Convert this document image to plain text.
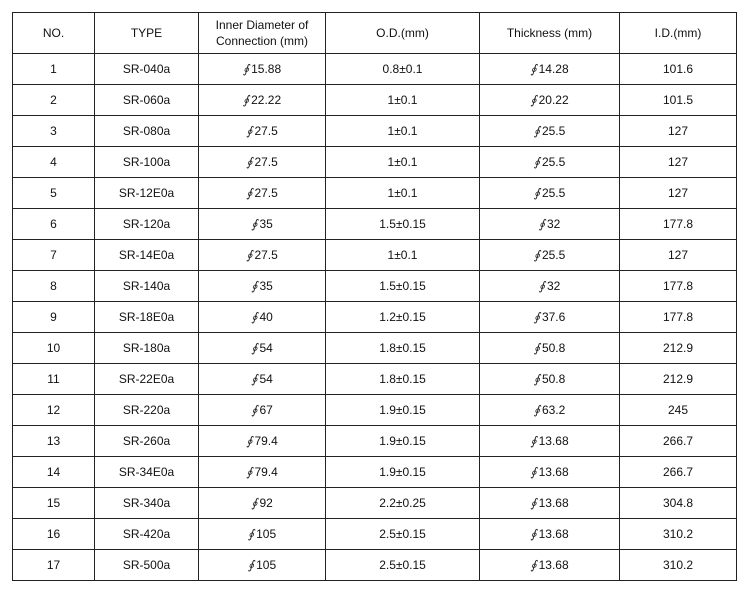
NO.	TYPE	Inner Diameter of Connection (mm)	O.D.(mm)	Thickness (mm)	I.D.(mm)
1	SR-040a	∮ 15.88	0.8±0.1	∮ 14.28	101.6
2	SR-060a	∮ 22.22	1±0.1	∮ 20.22	101.5
3	SR-080a	∮ 27.5	1±0.1	∮ 25.5	127
4	SR-100a	∮ 27.5	1±0.1	∮ 25.5	127
5	SR-12E0a	∮ 27.5	1±0.1	∮ 25.5	127
6	SR-120a	∮ 35	1.5±0.15	∮ 32	177.8
7	SR-14E0a	∮ 27.5	1±0.1	∮ 25.5	127
8	SR-140a	∮ 35	1.5±0.15	∮ 32	177.8
9	SR-18E0a	∮ 40	1.2±0.15	∮ 37.6	177.8
10	SR-180a	∮ 54	1.8±0.15	∮ 50.8	212.9
11	SR-22E0a	∮ 54	1.8±0.15	∮ 50.8	212.9
12	SR-220a	∮ 67	1.9±0.15	∮ 63.2	245
13	SR-260a	∮ 79.4	1.9±0.15	∮ 13.68	266.7
14	SR-34E0a	∮ 79.4	1.9±0.15	∮ 13.68	266.7
15	SR-340a	∮ 92	2.2±0.25	∮ 13.68	304.8
16	SR-420a	∮ 105	2.5±0.15	∮ 13.68	310.2
17	SR-500a	∮ 105	2.5±0.15	∮ 13.68	310.2
